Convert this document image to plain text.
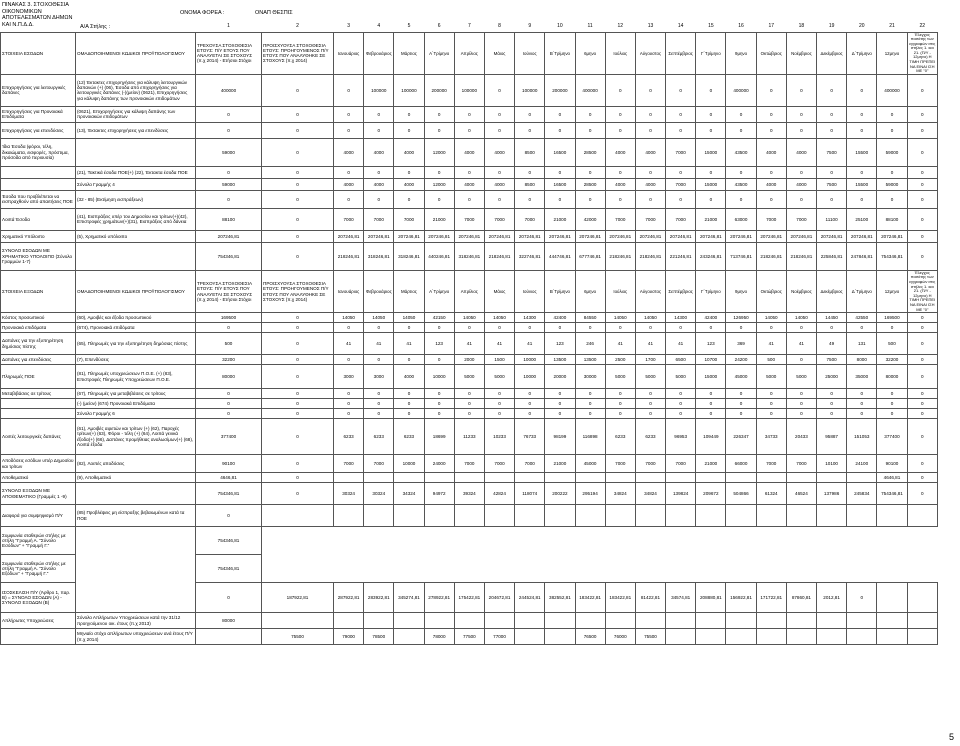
ΠΙΝΑΚΑΣ 3. ΣΤΟΧΟΘΕΣΙΑ
ΟΙΚΟΝΟΜΙΚΩΝ
ΑΠΟΤΕΛΕΣΜΑΤΩΝ ΔΗΜΩΝ
ΚΑΙ Ν.Π.Δ.Δ.
ΟΝΟΜΑ ΦΟΡΕΑ :	ΟΝΑΠ ΘΕΣΠΙΣ
Α/Α Στήλης :
			1	2	3	4	5	6	7	8	9	10	11	12	13	14	15	16	17	18	19	20	21	22
ΣΤΟΙΧΕΙΑ ΕΣΟΔΩΝ	ΟΜΑΔΟΠΟΙΗΜΕΝΟΙ ΚΩΔΙΚΟΙ ΠΡΟΫΠΟΛΟΓΙΣΜΟΥ	ΤΡΕΧΟΥΣΑ ΣΤΟΧΟΘΕΣΙΑ ΕΤΟΥΣ: Π/Υ ΕΤΟΥΣ ΠΟΥ ΑΝΑΛΥΕΤΑΙ ΣΕ ΣΤΟΧΟΥΣ (π.χ 2014) - Ετήσιοι Στόχοι	ΠΡΟΙΣΧΥΟΥΣΑ ΣΤΟΧΟΘΕΣΙΑ ΕΤΟΥΣ: ΠΡΟΗΓΟΥΜΕΝΟΣ Π/Υ ΕΤΟΥΣ ΠΟΥ ΑΝΑΛΥΘΗΚΕ ΣΕ ΣΤΟΧΟΥΣ (π.χ 2014)	Ιανουάριος	Φεβρουάριος	Μάρτιος	Α΄Τρίμηνο	Απρίλιος	Μάιος	Ιούνιος	Β΄Τρίμηνο	6μηνο	Ιούλιος	Αύγουστος	Σεπτέμβριος	Γ΄Τρίμηνο	9μηνο	Οκτώβριος	Νοέμβριος	Δεκέμβριος	Δ΄Τρίμηνο	12μηνο	Έλεγχος ποσότης των εγγραφών στις στήλες 1. και 21. (Π/Υ - 12μηνο) Η ΤΙΜΗ ΠΡΕΠΕΙ ΝΑ ΕΙΝΑΙ ΙΣΗ ΜΕ "0"
Επιχορηγήσεις για λειτουργικές δαπάνες	(12) Έκτακτες επιχορηγήσεις για κάλυψη λειτουργικών δαπανών (+) (06), Έσοδα από επιχορηγήσεις για λειτουργικές δαπάνες (-)(μείον) (0621), Επιχορηγήσεις για κάλυψη δαπάνης των προνοιακών επιδομάτων	400000	0	0	100000	100000	200000	100000	0	100000	200000	400000	0	0	0	0	400000	0	0	0	0	400000	0
Επιχορηγήσεις για Προνοιακά Επιδόματα	(0621), Επιχορηγήσεις για κάλυψη δαπάνης των προνοιακών επιδομάτων	0	0	0	0	0	0	0	0	0	0	0	0	0	0	0	0	0	0	0	0	0	0
Επιχορηγήσεις για επενδύσεις	(13), Έκτακτες επιχορηγήσεις για επενδύσεις	0	0	0	0	0	0	0	0	0	0	0	0	0	0	0	0	0	0	0	0	0	0
Ίδια Έσοδα (φόροι, τέλη, δικαιώματα, εισφορές, πρόστιμα, πρόσοδα από περιουσία)		59000	0	4000	4000	4000	12000	4000	4000	8500	16500	28500	4000	4000	7000	15000	43500	4000	4000	7500	15500	59000	0
	(21), Τακτικά έσοδα ΠΟΕ(+) (22), Έκτακτα έσοδα ΠΟΕ	0	0	0	0	0	0	0	0	0	0	0	0	0	0	0	0	0	0	0	0	0	0
	Σύνολο Γραμμής 4	59000	0	4000	4000	4000	12000	4000	4000	8500	16500	28500	4000	4000	7000	15000	43500	4000	4000	7500	15500	59000	0
Έσοδα που προβλέπεται να εισπραχθούν από απαιτήσεις ΠΟΕ	(32 - 85) (Εκτίμηση εισπράξεων)	0	0	0	0	0	0	0	0	0	0	0	0	0	0	0	0	0	0	0	0	0	0
Λοιπά Έσοδα	(41), Εισπράξεις υπέρ του Δημοσίου και τρίτων(+)(42), Επιστροφές χρημάτων(+)(31), Εισπράξεις από δάνεια	88100	0	7000	7000	7000	21000	7000	7000	7000	21000	42000	7000	7000	7000	21000	63000	7000	7000	11100	25100	88100	0
Χρηματικό Υπόλοιπο	(5), Χρηματικό υπόλοιπο	207246,81	0	207246,81	207246,81	207246,81	207246,81	207246,81	207246,81	207246,81	207246,81	207246,81	207246,81	207246,81	207246,81	207246,81	207246,81	207246,81	207246,81	207246,81	207246,81	207246,81	0
ΣΥΝΟΛΟ ΕΣΟΔΩΝ ΜΕ ΧΡΗΜΑΤΙΚΟ ΥΠΟΛΟΙΠΟ (Σύνολο Γραμμών 1-7)		754346,81	0	218246,81	318246,81	318246,81	440246,81	318246,81	218246,81	322746,81	444746,81	677746,81	218246,81	218246,81	221246,81	243246,81	713746,81	218246,81	218246,81	225846,81	247846,81	754346,81	0
ΣΤΟΙΧΕΙΑ ΕΞΟΔΩΝ	ΟΜΑΔΟΠΟΙΗΜΕΝΟΙ ΚΩΔΙΚΟΙ ΠΡΟΫΠΟΛΟΓΙΣΜΟΥ	ΤΡΕΧΟΥΣΑ ΣΤΟΧΟΘΕΣΙΑ ΕΤΟΥΣ: Π/Υ ΕΤΟΥΣ ΠΟΥ ΑΝΑΛΥΕΤΑΙ ΣΕ ΣΤΟΧΟΥΣ (π.χ 2014) - Ετήσιοι Στόχοι	ΠΡΟΙΣΧΥΟΥΣΑ ΣΤΟΧΟΘΕΣΙΑ ΕΤΟΥΣ: ΠΡΟΗΓΟΥΜΕΝΟΣ Π/Υ ΕΤΟΥΣ ΠΟΥ ΑΝΑΛΥΘΗΚΕ ΣΕ ΣΤΟΧΟΥΣ (π.χ 2014)	Ιανουάριος	Φεβρουάριος	Μάρτιος	Α΄Τρίμηνο	Απρίλιος	Μάιος	Ιούνιος	Β΄Τρίμηνο	6μηνο	Ιούλιος	Αύγουστος	Σεπτέμβριος	Γ΄Τρίμηνο	9μηνο	Οκτώβριος	Νοέμβριος	Δεκέμβριος	Δ΄Τρίμηνο	12μηνο	Έλεγχος ποσότης των εγγραφών στις στήλες 1. και 21. (Π/Υ - 12μηνο) Η ΤΙΜΗ ΠΡΕΠΕΙ ΝΑ ΕΙΝΑΙ ΙΣΗ ΜΕ "0"
Κόστος προσωπικού	(60), Αμοιβές και έξοδα προσωπικού	169500	0	14050	14050	14050	42150	14050	14050	14300	42400	84550	14050	14050	14300	42400	126950	14050	14050	14450	42550	169500	0
Προνοιακά επιδόματα	(674), Προνοιακά επιδόματα	0	0	0	0	0	0	0	0	0	0	0	0	0	0	0	0	0	0	0	0	0	0
Δαπάνες για την εξυπηρέτηση δημόσιας πίστης	(65), Πληρωμές για την εξυπηρέτηση δημόσιας πίστης	500	0	41	41	41	123	41	41	41	123	246	41	41	41	123	369	41	41	49	131	500	0
Δαπάνες για επενδύσεις	(7), Επενδύσεις	32200	0	0	0	0	0	2000	1500	10000	13500	13500	2500	1700	6500	10700	24200	500	0	7500	8000	32200	0
Πληρωμές ΠΟΕ	(81), Πληρωμές υποχρεώσεων Π.Ο.Ε. (+) (83), Επιστροφές Πληρωμές Υποχρεώσεων Π.Ο.Ε.	80000	0	3000	3000	4000	10000	5000	5000	10000	20000	30000	5000	5000	5000	15000	45000	5000	5000	25000	35000	80000	0
Μεταβιβάσεις σε τρίτους	(67), Πληρωμές για μεταβιβάσεις σε τρίτους	0	0	0	0	0	0	0	0	0	0	0	0	0	0	0	0	0	0	0	0	0	0
	(-) (μείον) (674) Προνοιακά Επιδόματα	0	0	0	0	0	0	0	0	0	0	0	0	0	0	0	0	0	0	0	0	0	0
	Σύνολο Γραμμής 6	0	0	0	0	0	0	0	0	0	0	0	0	0	0	0	0	0	0	0	0	0	0
Λοιπές λειτουργικές δαπάνες	(61), Αμοιβές αιρετών και τρίτων (+) (62), Παροχές τρίτων(+) (63), Φόροι - τέλη (+) (64), Λοιπά γενικά έξοδα(+) (66), Δαπάνες προμήθειας αναλωσίμων(+) (68), Λοιπά έξοδα	377400	0	6233	6233	6233	18699	11233	10233	76733	98199	116898	6233	6233	96953	109449	226347	34733	20433	95887	151053	377400	0
Αποδόσεις εσόδων υπέρ Δημοσίου και τρίτων	(82), Λοιπές αποδόσεις	90100	0	7000	7000	10000	24000	7000	7000	7000	21000	45000	7000	7000	7000	21000	66000	7000	7000	10100	24100	90100	0
Αποθεματικό	(9), Αποθεματικό	4646,81	0																			4646,81	0
ΣΥΝΟΛΟ ΕΞΟΔΩΝ ΜΕ ΑΠΟΘΕΜΑΤΙΚΟ (Γραμμές 1 -9)		754346,81	0	30324	30324	34324	94972	39324	42824	118074	200222	295194	34824	34824	139824	209672	504866	61324	46524	137986	245834	754346,81	0
Διαφορά για συμψηφισμό Π/Υ	(85) Προβλέψεις μη είσπραξης βεβαιωμένων κατά τα ΠΟΕ	0																					
Συμφωνία σταθερών στήλης με στήλη "Γραμμή Α. "Σύνολο Εσόδων" + "Γραμμή Γ."		754346,81																					
Συμφωνία σταθερών στήλης με στήλη "Γραμμή Α. "Σύνολο Εξόδων" + "Γραμμή Γ."		754346,81																					
ΙΣΟΣΚΕΛΙΣΗ Π/Υ (Άρθρο 1, παρ. Β) = ΣΥΝΟΛΟ ΕΣΟΔΩΝ (Α) - ΣΥΝΟΛΟ ΕΞΟΔΩΝ (Β)		0	187922,81	287922,81	283922,81	345274,81	278922,81	175422,81	204672,81	244524,81	382552,81	183422,81	183422,81	81422,81	34574,81	208880,81	156922,81	171722,81	87860,81	2012,81	0		
Απλήρωτες Υποχρεώσεις	Σύνολο Απλήρωτων Υποχρεώσεων κατά την 31/12 προηγούμενου οικ. έτους (π.χ 2013)	80000																					
	Μηνιαίο στόχο απλήρωτων υποχρεώσεων ανά έτους Π/Υ (π.χ 2014)		75500	79000	78500		78000	77500	77000			76500	76000	75500									
5
